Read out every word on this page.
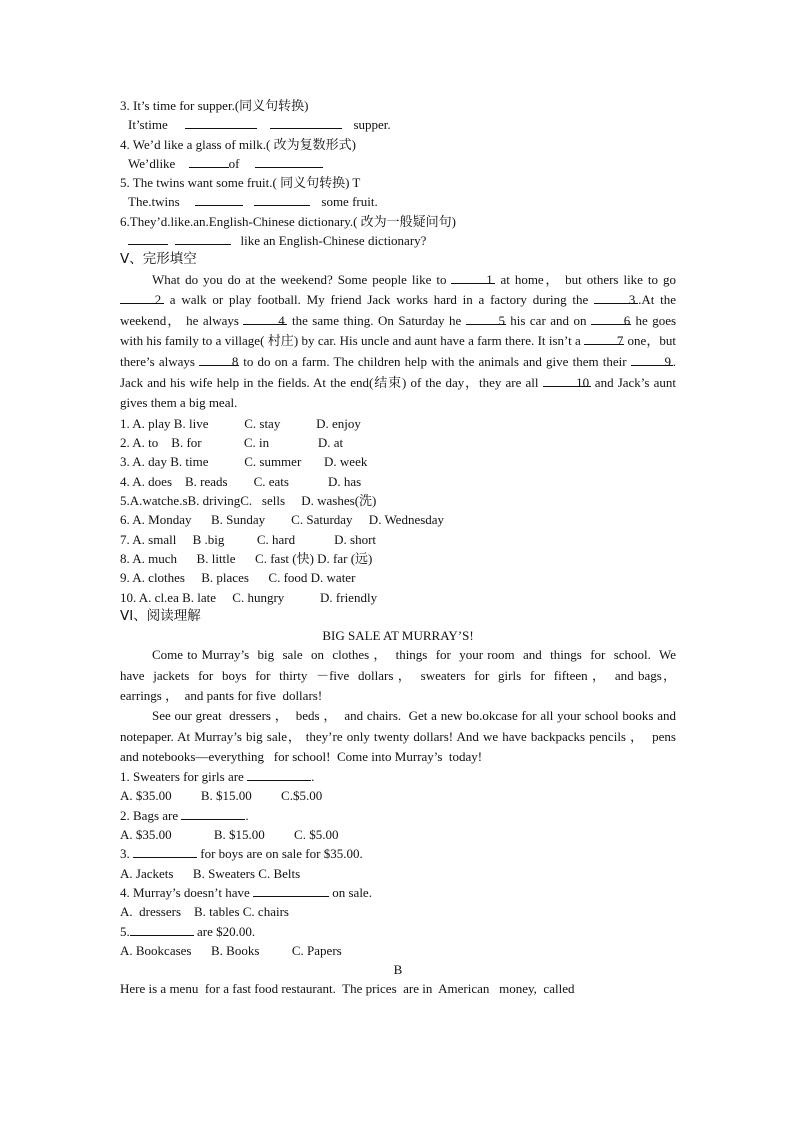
3. It’s time for supper.(同义句转换)
It’stime	supper.
4. We’d like a glass of milk.( 改为复数形式)
We’dlike	of
5. The twins want some fruit.( 同义句转换) T
The.twins	some fruit.
6.They’d.like.an.English-Chinese dictionary.( 改为一般疑问句)
like an English-Chinese dictionary?
V、完形填空
What do you do at the weekend? Some people like to	1 at home， but others like to go 2 a walk or play football. My friend Jack works hard in a factory during the	3 .At the weekend， he always	4 the same thing. On Saturday he	5 his car and on	6 he goes with his family to a village( 村庄) by car. His uncle and aunt have a farm there. It isn’t a	7 one，but there’s always	8 to do on a farm. The children help with the animals and give them their	9 . Jack and his wife help in the fields. At the end(结束) of the day，they are all	10 and Jack’s aunt gives them a big meal.
1. A. play B. live           C. stay           D. enjoy
2. A. to    B. for             C. in               D. at
3. A. day B. time           C. summer       D. week
4. A. does    B. reads        C. eats            D. has
5.A.watche.sB. drivingC.   sells     D. washes(洗)
6. A. Monday      B. Sunday        C. Saturday     D. Wednesday
7. A. small     B .big          C. hard            D. short
8. A. much      B. little      C. fast (快) D. far (远)
9. A. clothes     B. places      C. food D. water
10. A. cl.ea B. late     C. hungry           D. friendly
VI、阅读理解
BIG SALE AT MURRAY’S!
Come to Murray’s  big  sale  on  clothes ，  things  for  your room  and  things  for  school.  We have  jackets  for  boys  for  thirty  －five  dollars ，  sweaters  for  girls  for  fifteen ，  and bags， earrings ，  and pants for five  dollars!
See our great  dressers ，  beds ，  and chairs.  Get a new bo.okcase for all your school books and notepaper. At Murray’s big sale， they’re only twenty dollars! And we have backpacks pencils ，  pens and notebooks—everything   for school!  Come into Murray’s  today!
1. Sweaters for girls are	.
A. $35.00         B. $15.00         C.$5.00
2. Bags are	.
A. $35.00             B. $15.00         C. $5.00
3.	for boys are on sale for $35.00.
A. Jackets      B. Sweaters C. Belts
4. Murray’s doesn’t have	on sale.
A.  dressers    B. tables C. chairs
5.	are $20.00.
A. Bookcases      B. Books          C. Papers
B
Here is a menu  for a fast food restaurant.  The prices  are in  American   money,  called
